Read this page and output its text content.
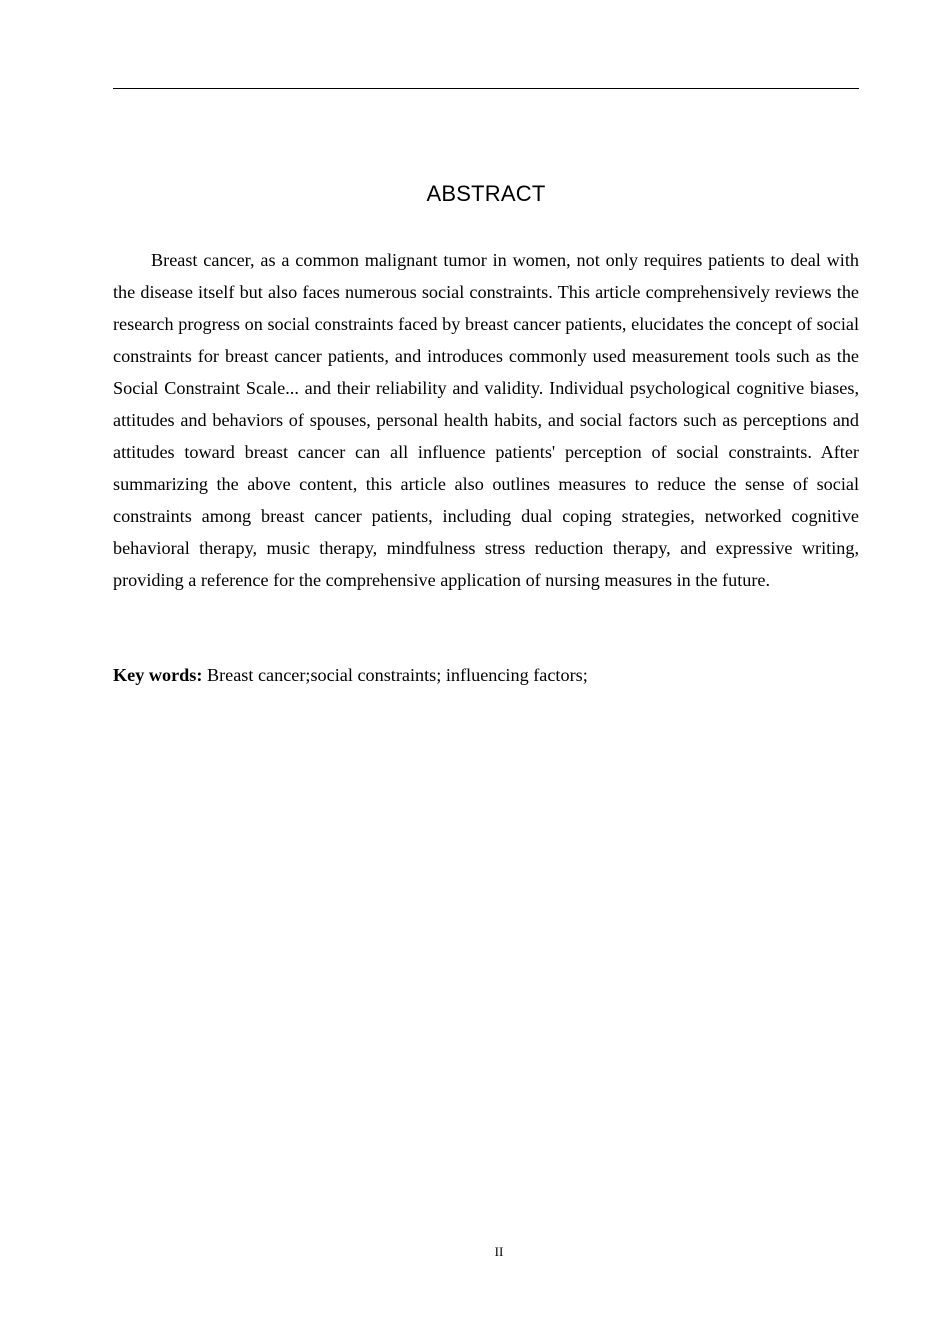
ABSTRACT

Breast cancer, as a common malignant tumor in women, not only requires patients to deal with the disease itself but also faces numerous social constraints. This article comprehensively reviews the research progress on social constraints faced by breast cancer patients, elucidates the concept of social constraints for breast cancer patients, and introduces commonly used measurement tools such as the Social Constraint Scale... and their reliability and validity. Individual psychological cognitive biases, attitudes and behaviors of spouses, personal health habits, and social factors such as perceptions and attitudes toward breast cancer can all influence patients' perception of social constraints. After summarizing the above content, this article also outlines measures to reduce the sense of social constraints among breast cancer patients, including dual coping strategies, networked cognitive behavioral therapy, music therapy, mindfulness stress reduction therapy, and expressive writing, providing a reference for the comprehensive application of nursing measures in the future.

Key words: Breast cancer;social constraints; influencing factors;

II
